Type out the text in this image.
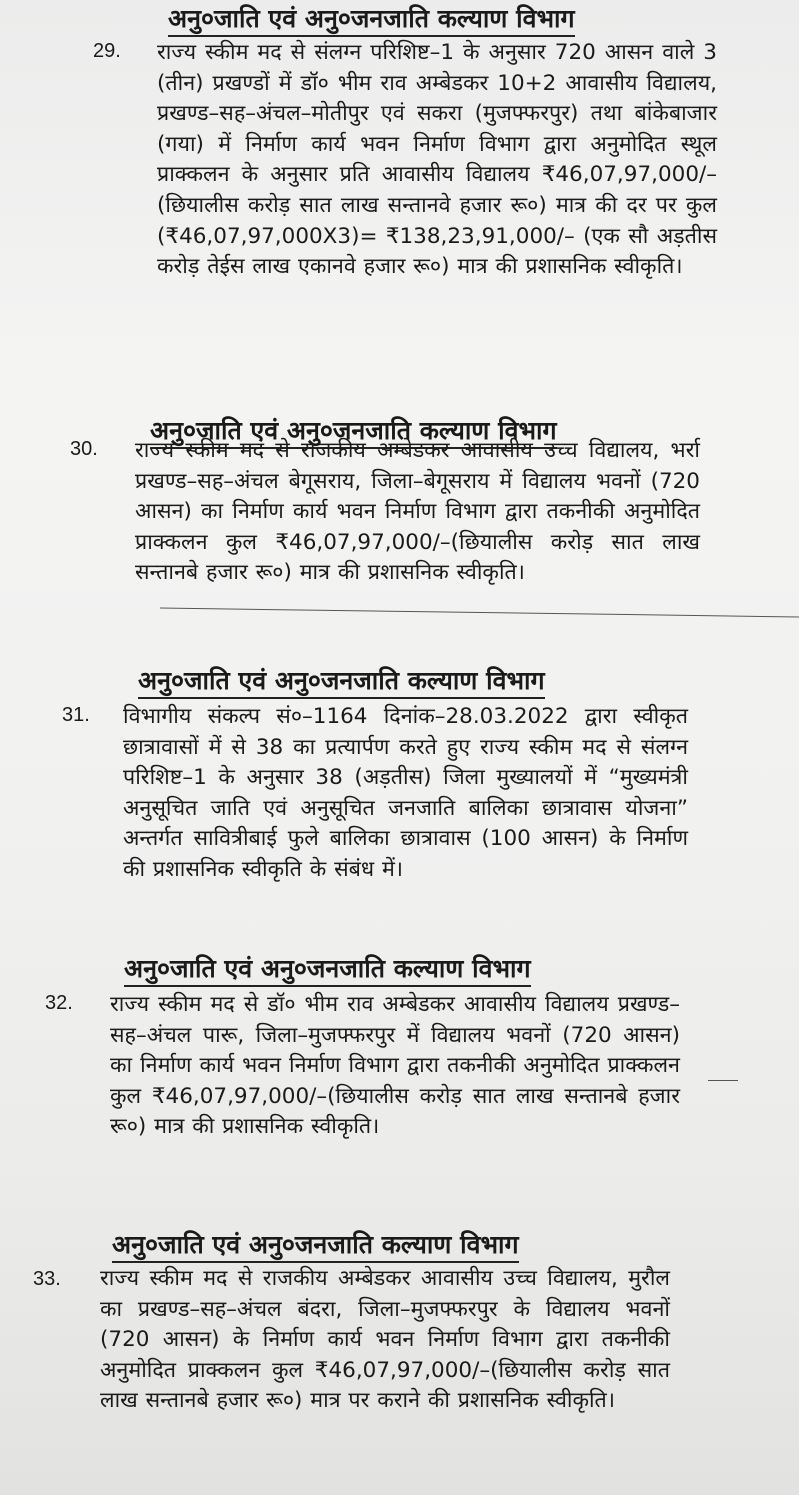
अनु०जाति एवं अनु०जनजाति कल्याण विभाग
29. राज्य स्कीम मद से संलग्न परिशिष्ट–1 के अनुसार 720 आसन वाले 3 (तीन) प्रखण्डों में डॉ० भीम राव अम्बेडकर 10+2 आवासीय विद्यालय, प्रखण्ड–सह–अंचल–मोतीपुर एवं सकरा (मुजफ्फरपुर) तथा बांकेबाजार (गया) में निर्माण कार्य भवन निर्माण विभाग द्वारा अनुमोदित स्थूल प्राक्कलन के अनुसार प्रति आवासीय विद्यालय ₹46,07,97,000/– (छियालीस करोड़ सात लाख सन्तानवे हजार रू०) मात्र की दर पर कुल (₹46,07,97,000X3)= ₹138,23,91,000/– (एक सौ अड़तीस करोड़ तेईस लाख एकानवे हजार रू०) मात्र की प्रशासनिक स्वीकृति।
अनु०जाति एवं अनु०जनजाति कल्याण विभाग
30. राज्य स्कीम मद से राजकीय अम्बेडकर आवासीय उच्च विद्यालय, भर्रा प्रखण्ड–सह–अंचल बेगूसराय, जिला–बेगूसराय में विद्यालय भवनों (720 आसन) का निर्माण कार्य भवन निर्माण विभाग द्वारा तकनीकी अनुमोदित प्राक्कलन कुल ₹46,07,97,000/–(छियालीस करोड़ सात लाख सन्तानबे हजार रू०) मात्र की प्रशासनिक स्वीकृति।
अनु०जाति एवं अनु०जनजाति कल्याण विभाग
31. विभागीय संकल्प सं०–1164 दिनांक–28.03.2022 द्वारा स्वीकृत छात्रावासों में से 38 का प्रत्यार्पण करते हुए राज्य स्कीम मद से संलग्न परिशिष्ट–1 के अनुसार 38 (अड़तीस) जिला मुख्यालयों में “मुख्यमंत्री अनुसूचित जाति एवं अनुसूचित जनजाति बालिका छात्रावास योजना” अन्तर्गत सावित्रीबाई फुले बालिका छात्रावास (100 आसन) के निर्माण की प्रशासनिक स्वीकृति के संबंध में।
अनु०जाति एवं अनु०जनजाति कल्याण विभाग
32. राज्य स्कीम मद से डॉ० भीम राव अम्बेडकर आवासीय विद्यालय प्रखण्ड–सह–अंचल पारू, जिला–मुजफ्फरपुर में विद्यालय भवनों (720 आसन) का निर्माण कार्य भवन निर्माण विभाग द्वारा तकनीकी अनुमोदित प्राक्कलन कुल ₹46,07,97,000/–(छियालीस करोड़ सात लाख सन्तानबे हजार रू०) मात्र की प्रशासनिक स्वीकृति।
अनु०जाति एवं अनु०जनजाति कल्याण विभाग
33. राज्य स्कीम मद से राजकीय अम्बेडकर आवासीय उच्च विद्यालय, मुरौल का प्रखण्ड–सह–अंचल बंदरा, जिला–मुजफ्फरपुर के विद्यालय भवनों (720 आसन) के निर्माण कार्य भवन निर्माण विभाग द्वारा तकनीकी अनुमोदित प्राक्कलन कुल ₹46,07,97,000/–(छियालीस करोड़ सात लाख सन्तानबे हजार रू०) मात्र पर कराने की प्रशासनिक स्वीकृति।
